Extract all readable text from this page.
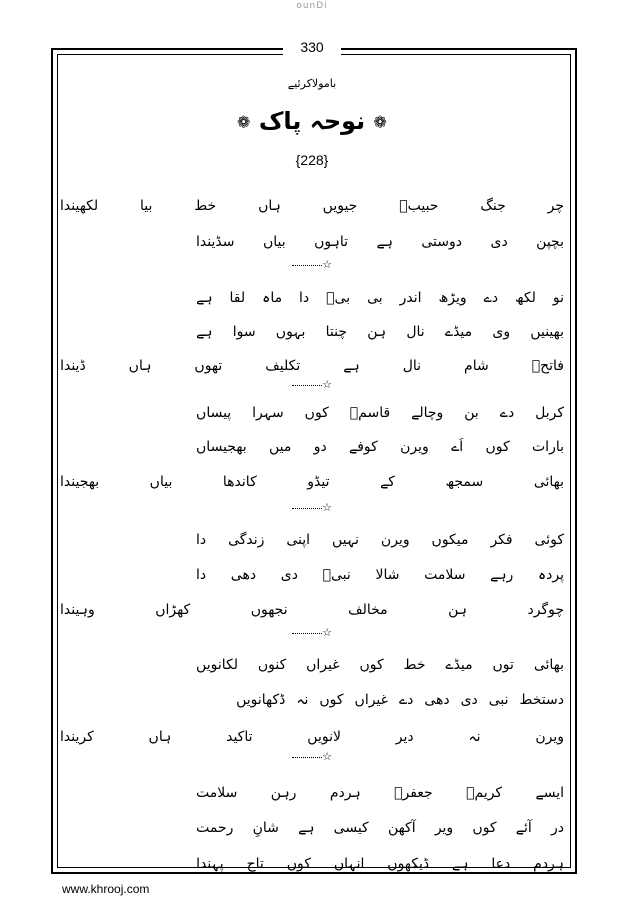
ounDi
330
بامولاکرئیے
❁ نوحہ پاک ❁
{228}
چر
جنگ
حبیبؑ
جیویں
ہاں
خط
بیا
لکھیندا
بچپن
دی
دوستی
ہے
تاہوں
بیاں
سڈیندا
☆
نو
لکھ
دے
ویڑھ
اندر
بی
بیؑ
دا
ماہ
لقا
ہے
بھینیں
وی
میڈے
نال
ہن
چنتا
بہوں
سوا
ہے
فاتحؑ
شام
نال
ہے
تکلیف
تھوں
ہاں
ڈیندا
☆
کربل
دے
بن
وچالے
قاسمؑ
کوں
سہرا
پیساں
بارات
کوں
اَے
ویرن
کوفے
دو
میں
بھجیساں
بھائی
سمجھ
کے
تیڈو
کاندھا
بیاں
بھجیندا
☆
کوئی
فکر
میکوں
ویرن
نہیں
اپنی
زندگی
دا
پردہ
رہے
سلامت
شالا
نبیؐ
دی
دھی
دا
چوگرد
ہن
مخالف
نجھوں
کھڑاں
وہیندا
☆
بھائی
توں
میڈے
خط
کوں
غیراں
کنوں
لکانویں
دستخط
نبی
دی
دھی
دے
غیراں
کوں
نہ
ڈکھانویں
ویرن
نہ
دیر
لانویں
تاکید
ہاں
کریندا
☆
ایسے
کریمؑ
جعفرؑ
ہردم
رہن
سلامت
در
آئے
کوں
ویر
آکھن
کیسی
ہے
شانِ
رحمت
ہردم
دعا
ہے
ڈیکھوں
انہاں
کوں
تاج
پہندا
www.khrooj.com
